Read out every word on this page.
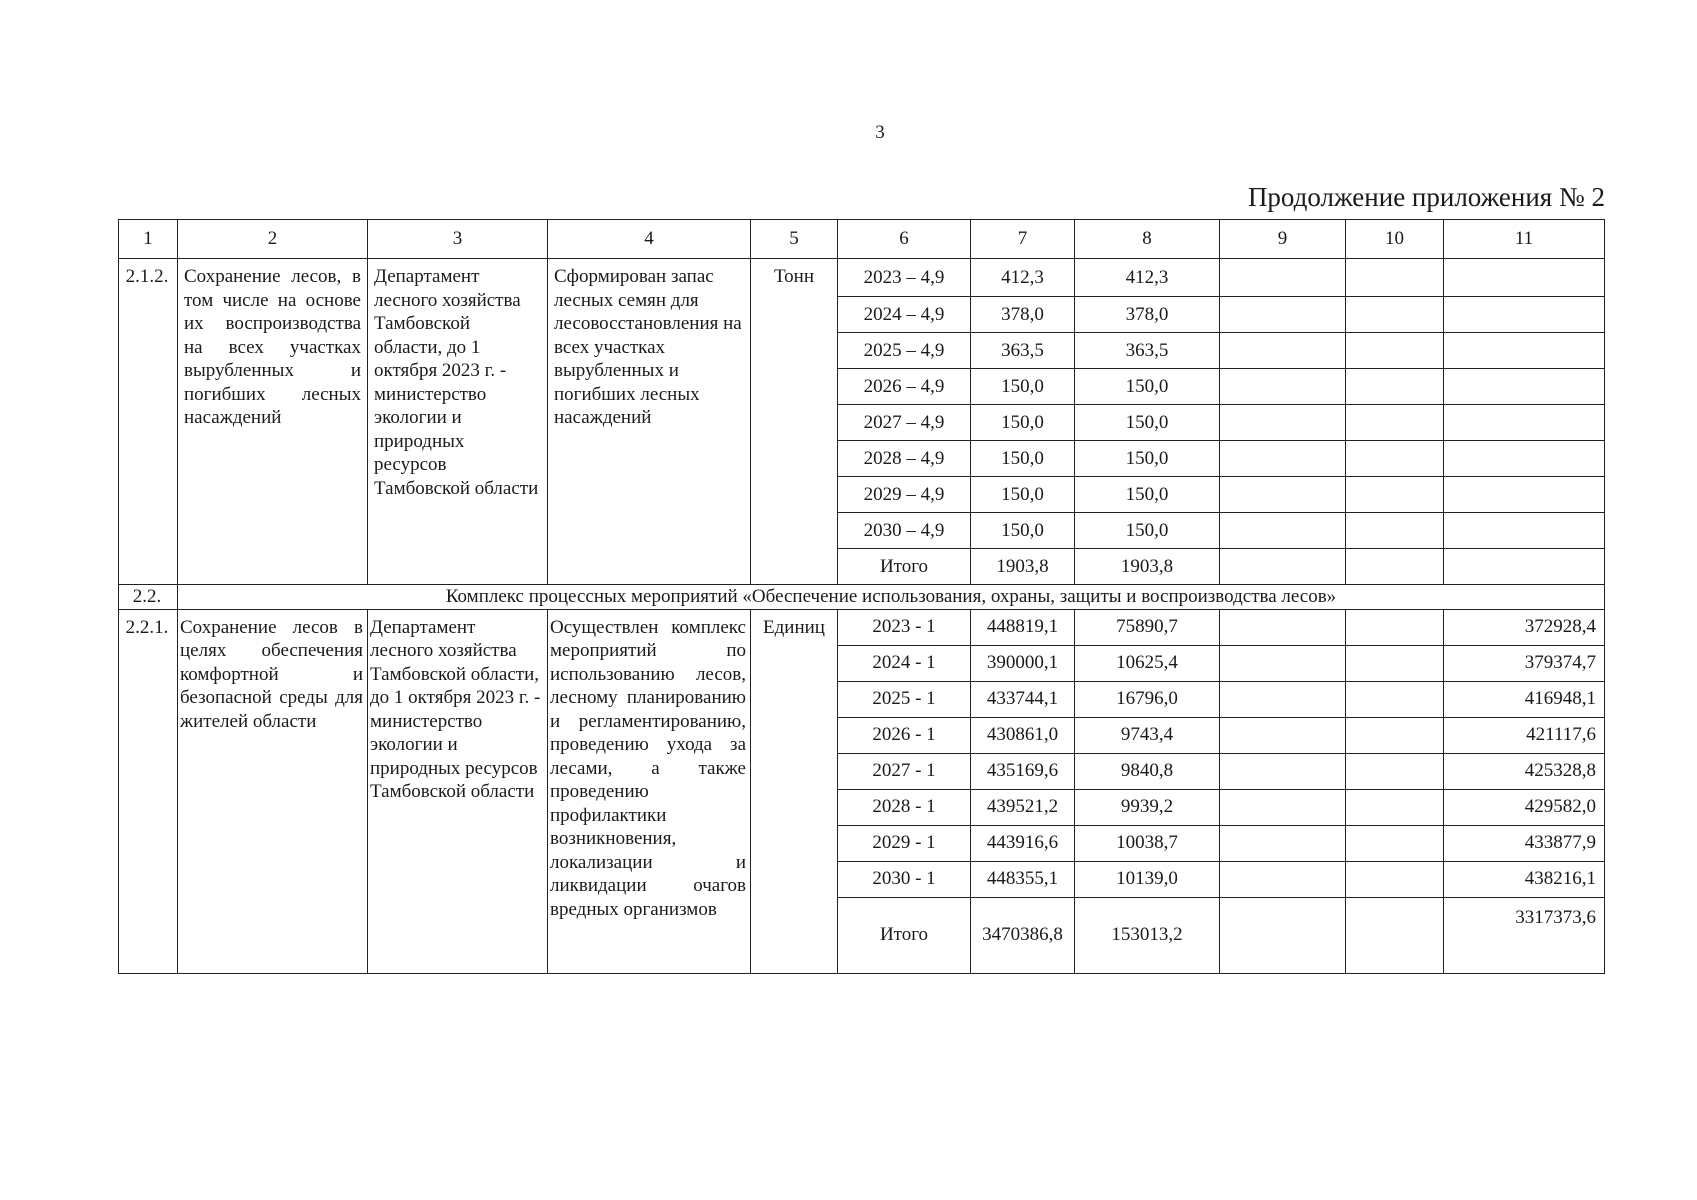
3
Продолжение приложения № 2
1	2	3	4	5	6	7	8	9	10	11
2.1.2.	Сохранение лесов, в том числе на основе их воспроизводства на всех участках вырубленных и погибших лесных насаждений	Департамент лесного хозяйства Тамбовской области, до 1 октября 2023 г. - министерство экологии и природных ресурсов Тамбовской области	Сформирован запас лесных семян для лесовосстановления на всех участках вырубленных и погибших лесных насаждений	Тонн	2023 – 4,9	412,3	412,3			
					2024 – 4,9	378,0	378,0			
					2025 – 4,9	363,5	363,5			
					2026 – 4,9	150,0	150,0			
					2027 – 4,9	150,0	150,0			
					2028 – 4,9	150,0	150,0			
					2029 – 4,9	150,0	150,0			
					2030 – 4,9	150,0	150,0			
					Итого	1903,8	1903,8			
2.2.	Комплекс процессных мероприятий «Обеспечение использования, охраны, защиты и воспроизводства лесов»									
2.2.1.	Сохранение лесов в целях обеспечения комфортной и безопасной среды для жителей области	Департамент лесного хозяйства Тамбовской области, до 1 октября 2023 г. - министерство экологии и природных ресурсов Тамбовской области	Осуществлен комплекс мероприятий по использованию лесов, лесному планированию и регламентированию, проведению ухода за лесами, а также проведению профилактики возникновения, локализации и ликвидации очагов вредных организмов	Единиц	2023 - 1	448819,1	75890,7			372928,4
					2024 - 1	390000,1	10625,4			379374,7
					2025 - 1	433744,1	16796,0			416948,1
					2026 - 1	430861,0	9743,4			421117,6
					2027 - 1	435169,6	9840,8			425328,8
					2028 - 1	439521,2	9939,2			429582,0
					2029 - 1	443916,6	10038,7			433877,9
					2030 - 1	448355,1	10139,0			438216,1
					Итого	3470386,8	153013,2			3317373,6
